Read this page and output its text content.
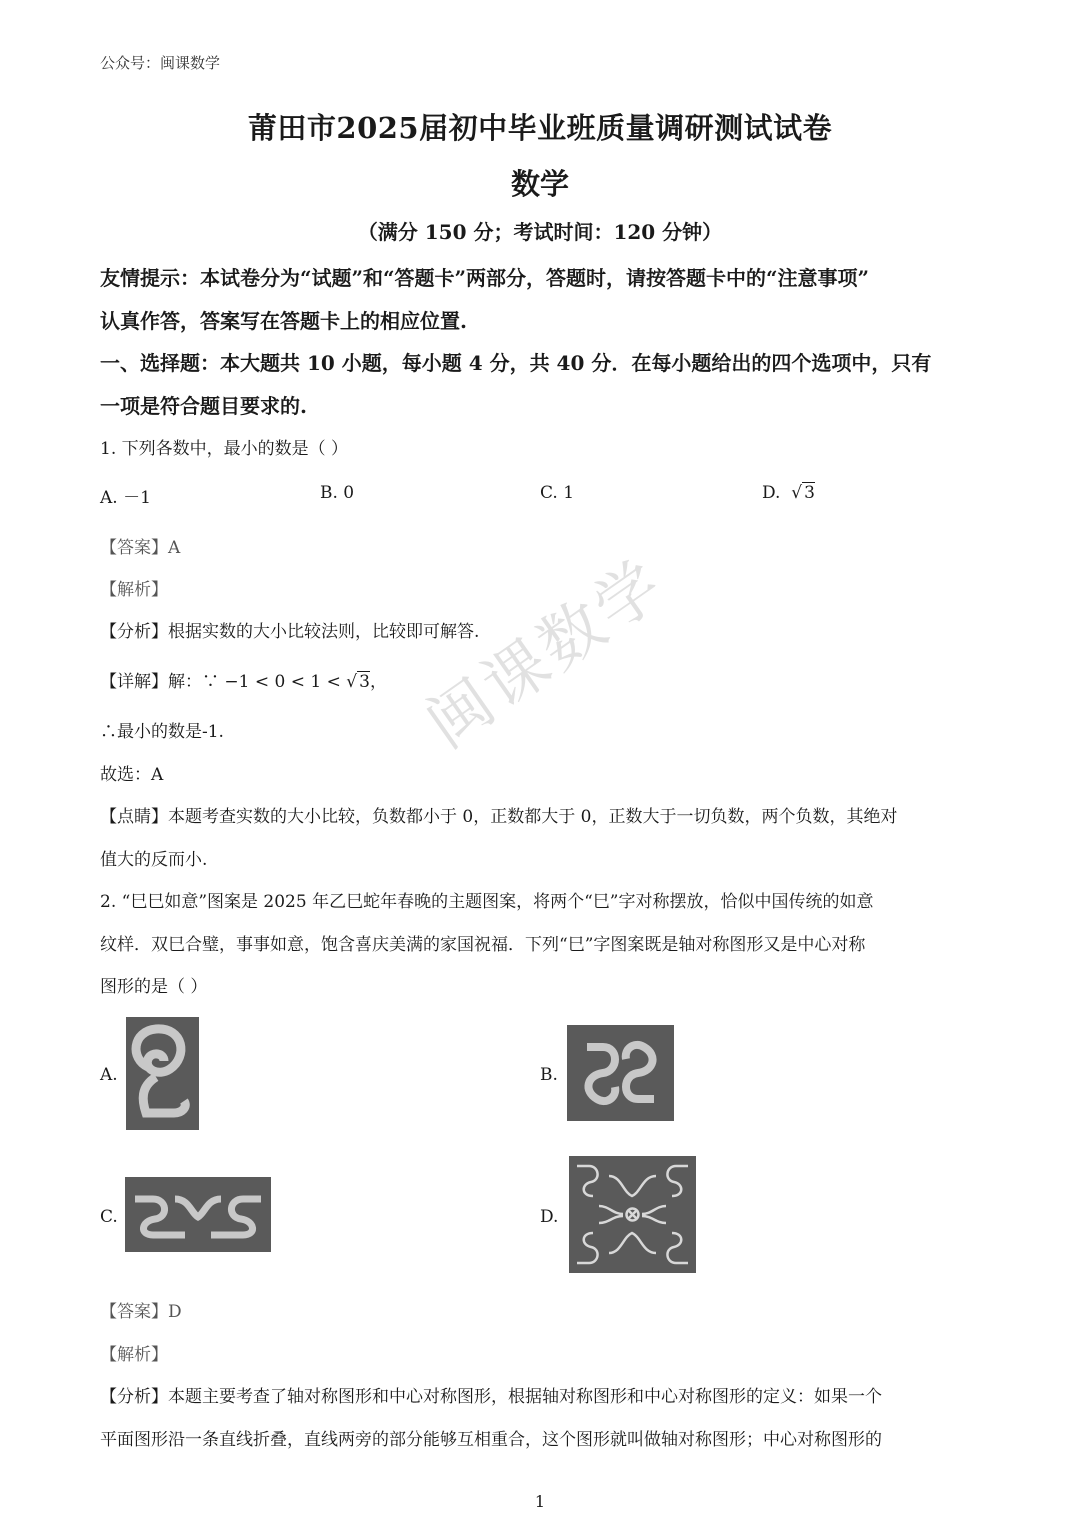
公众号：闽课数学
莆田市2025届初中毕业班质量调研测试试卷
数学
（满分 150 分；考试时间：120 分钟）
友情提示：本试卷分为“试题”和“答题卡”两部分，答题时，请按答题卡中的“注意事项”
认真作答，答案写在答题卡上的相应位置.
一、选择题：本大题共 10 小题，每小题 4 分，共 40 分．在每小题给出的四个选项中，只有
一项是符合题目要求的.
1. 下列各数中，最小的数是（ ）
A. －1	B. 0	C. 1	D.  √ 3
【答案】A
【解析】
【分析】根据实数的大小比较法则，比较即可解答.
【详解】解：∵ −1 < 0 < 1 < √ 3，
∴最小的数是-1.
故选：A
【点睛】本题考查实数的大小比较，负数都小于 0，正数都大于 0，正数大于一切负数，两个负数，其绝对
值大的反而小.
2. “巳巳如意”图案是 2025 年乙巳蛇年春晚的主题图案，将两个“巳”字对称摆放，恰似中国传统的如意
纹样．双巳合璧，事事如意，饱含喜庆美满的家国祝福．下列“巳”字图案既是轴对称图形又是中心对称
图形的是（ ）
A.	B.
C.	D.
【答案】D
【解析】
【分析】本题主要考查了轴对称图形和中心对称图形，根据轴对称图形和中心对称图形的定义：如果一个
平面图形沿一条直线折叠，直线两旁的部分能够互相重合，这个图形就叫做轴对称图形；中心对称图形的
闽课数学
1
